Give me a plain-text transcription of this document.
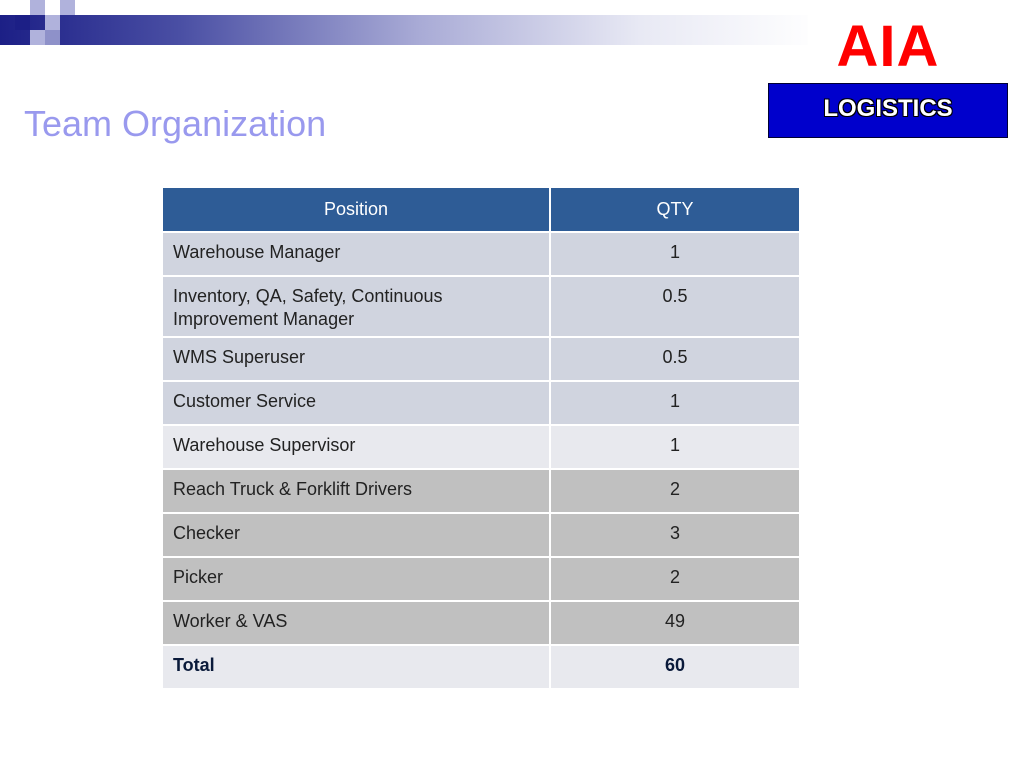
Team Organization
AIA
LOGISTICS
Position	QTY
Warehouse Manager	1
Inventory, QA, Safety, Continuous Improvement Manager	0.5
WMS Superuser	0.5
Customer Service	1
Warehouse Supervisor	1
Reach Truck & Forklift Drivers	2
Checker	3
Picker	2
Worker & VAS	49
Total	60
